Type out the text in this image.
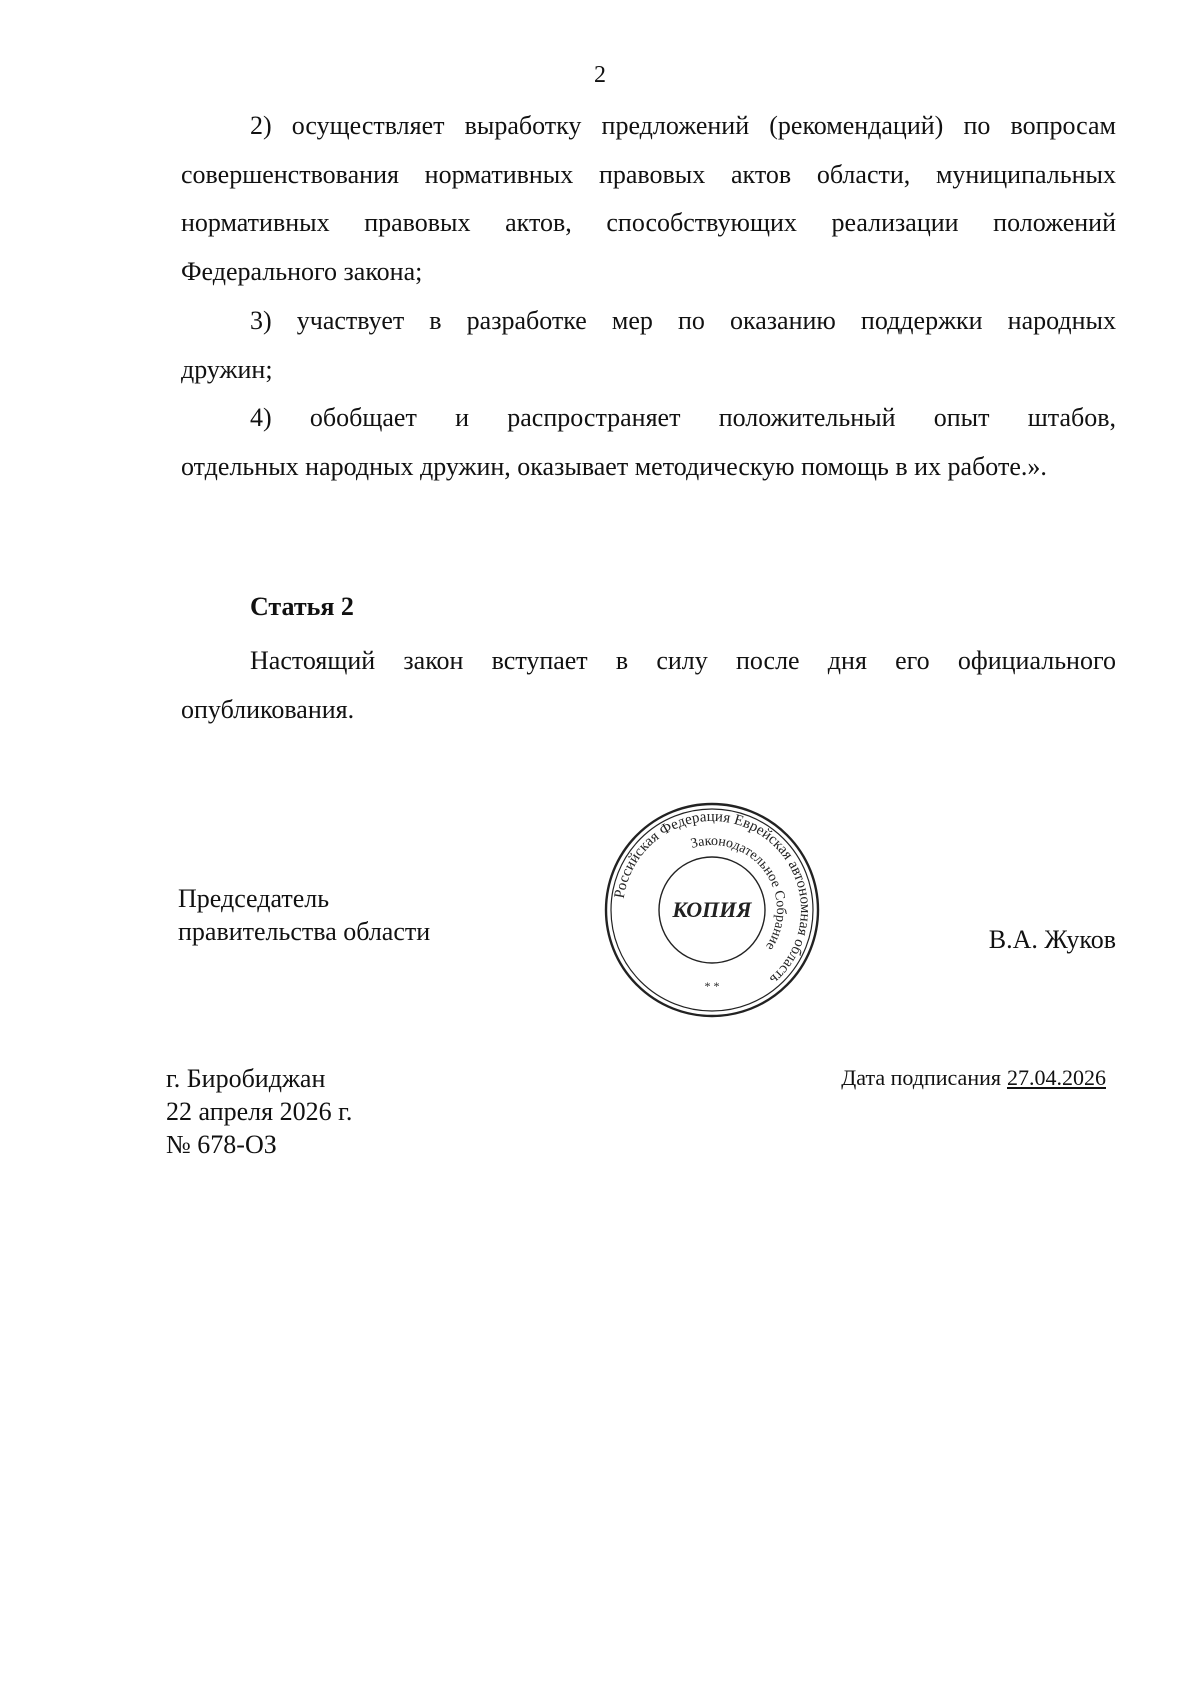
2
2) осуществляет выработку предложений (рекомендаций) по вопросам
совершенствования нормативных правовых актов области, муниципальных нормативных правовых актов, способствующих реализации положений Федерального закона;
3) участвует в разработке мер по оказанию поддержки народных
дружин;
4) обобщает и распространяет положительный опыт штабов,
отдельных народных дружин, оказывает методическую помощь в их работе.».
Статья 2
Настоящий закон вступает в силу после дня его официального
опубликования.
Председатель
правительства области
Российская Федерация Еврейская автономная область
Законодательное Собрание
КОПИЯ
* *
В.А. Жуков
г. Биробиджан
22 апреля 2026 г.
№ 678-ОЗ
Дата подписания 27.04.2026
